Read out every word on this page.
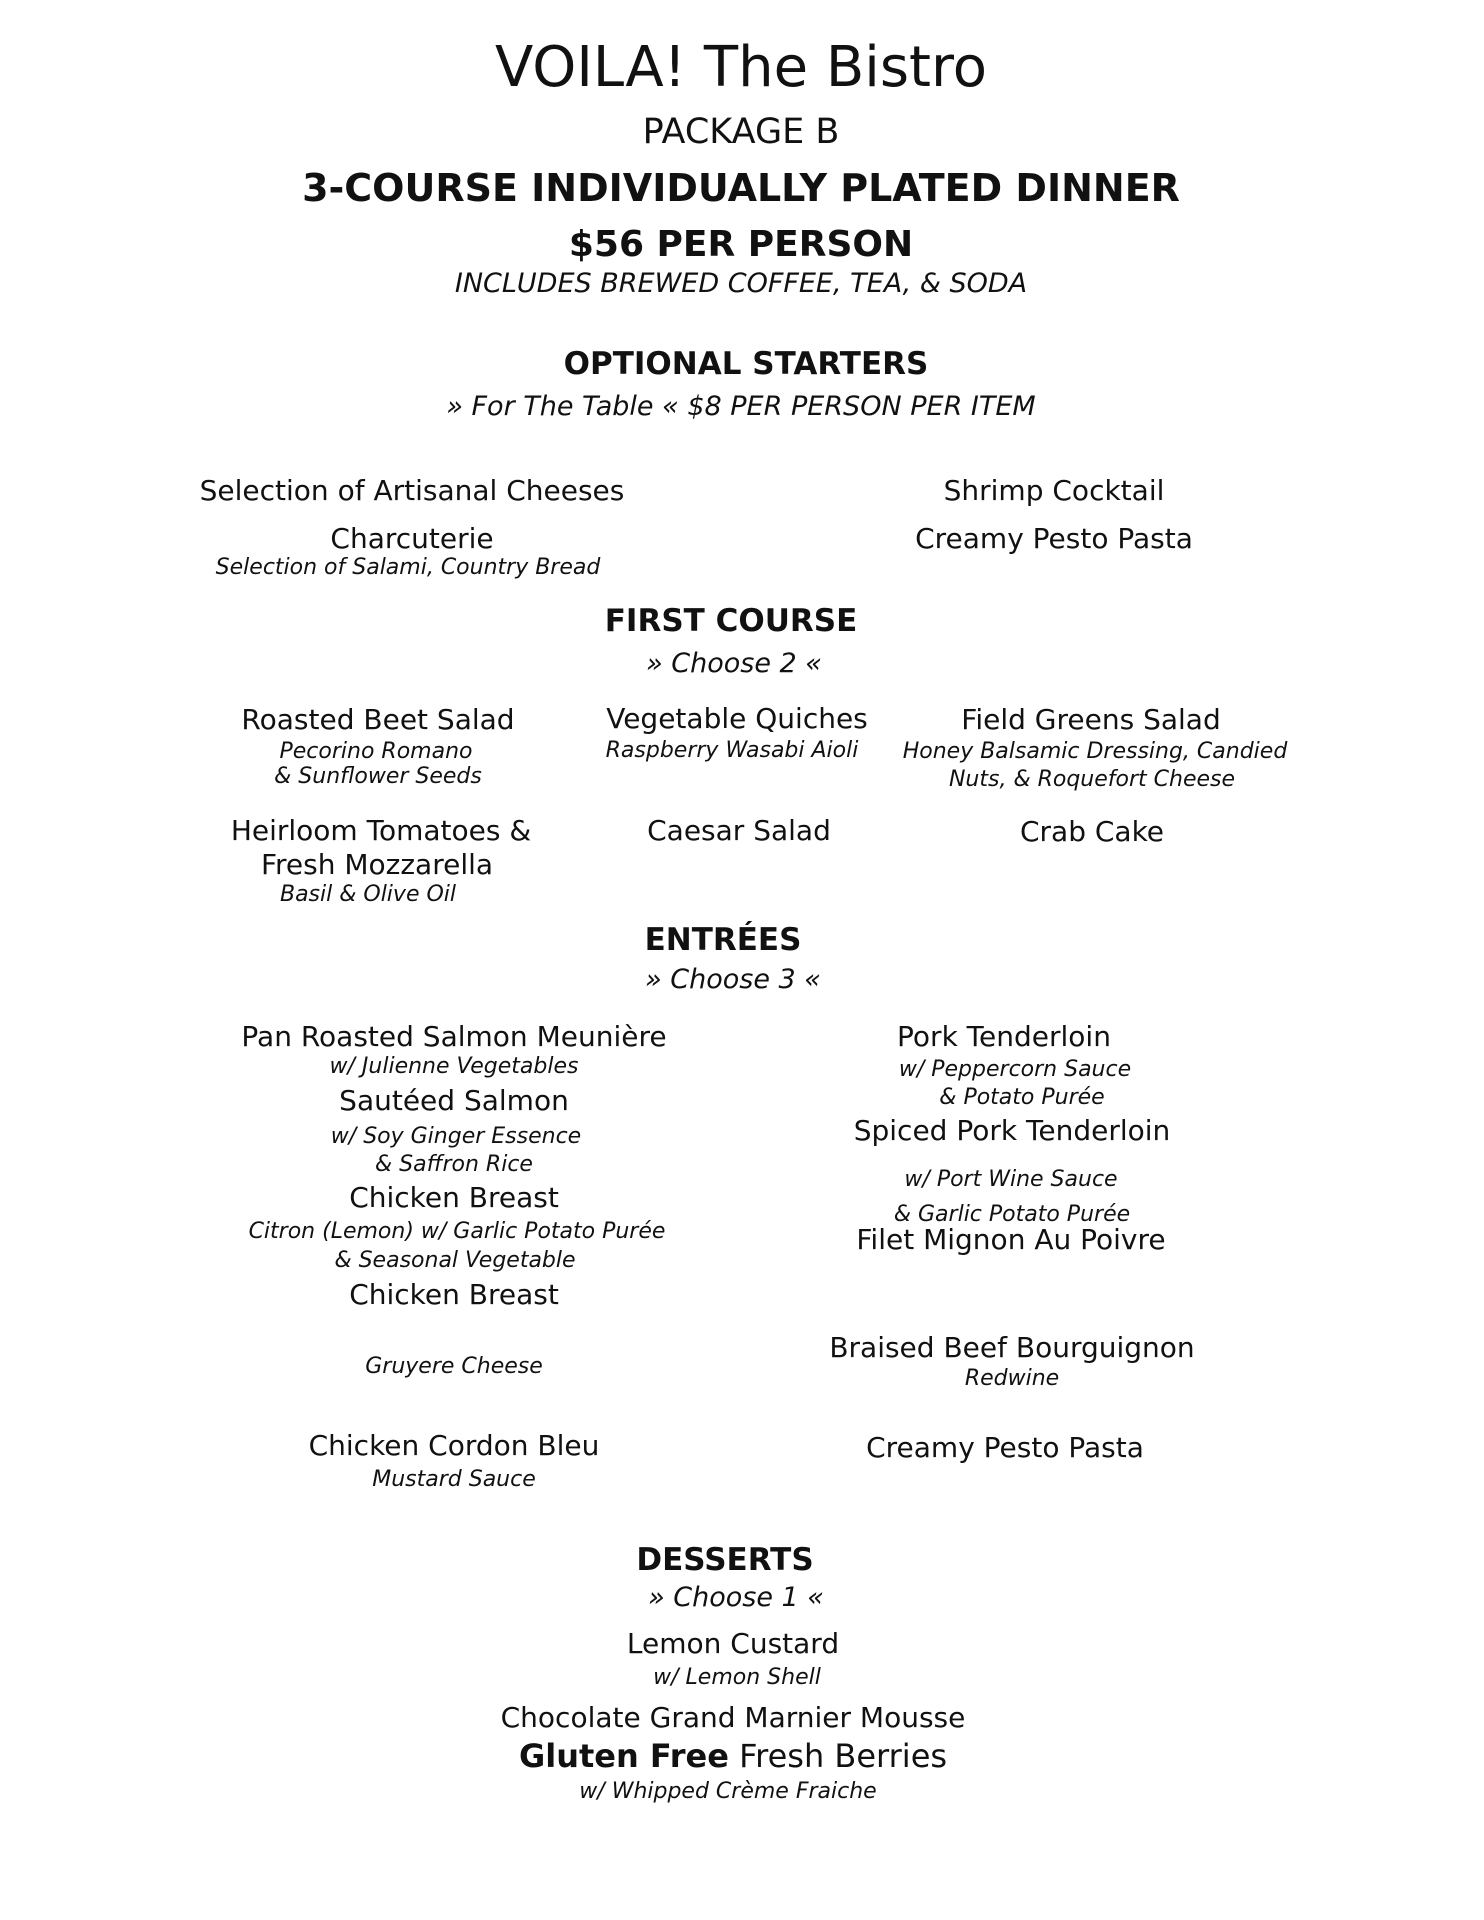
VOILA! The Bistro
PACKAGE B
3-COURSE INDIVIDUALLY PLATED DINNER
$56 PER PERSON
INCLUDES BREWED COFFEE, TEA, & SODA
OPTIONAL STARTERS
» For The Table « $8 PER PERSON PER ITEM
Selection of Artisanal Cheeses
Charcuterie
Selection of Salami, Country Bread
Shrimp Cocktail
Creamy Pesto Pasta
FIRST COURSE
» Choose 2 «
Roasted Beet Salad
Pecorino Romano
& Sunflower Seeds
Vegetable Quiches
Raspberry Wasabi Aioli
Field Greens Salad
Honey Balsamic Dressing, Candied
Nuts, & Roquefort Cheese
Heirloom Tomatoes &
Fresh Mozzarella
Basil & Olive Oil
Caesar Salad	Crab Cake
ENTRÉES
» Choose 3 «
Pan Roasted Salmon Meunière
w/ Julienne Vegetables
Sautéed Salmon
w/ Soy Ginger Essence
& Saffron Rice
Chicken Breast
Citron (Lemon) w/ Garlic Potato Purée
& Seasonal Vegetable
Chicken Breast
Gruyere Cheese
Chicken Cordon Bleu
Mustard Sauce
Pork Tenderloin
w/ Peppercorn Sauce
& Potato Purée
Spiced Pork Tenderloin
w/ Port Wine Sauce
& Garlic Potato Purée
Filet Mignon Au Poivre
Braised Beef Bourguignon
Redwine
Creamy Pesto Pasta
DESSERTS
» Choose 1 «
Lemon Custard
w/ Lemon Shell
Chocolate Grand Marnier Mousse
Gluten Free Fresh Berries
w/ Whipped Crème Fraiche
